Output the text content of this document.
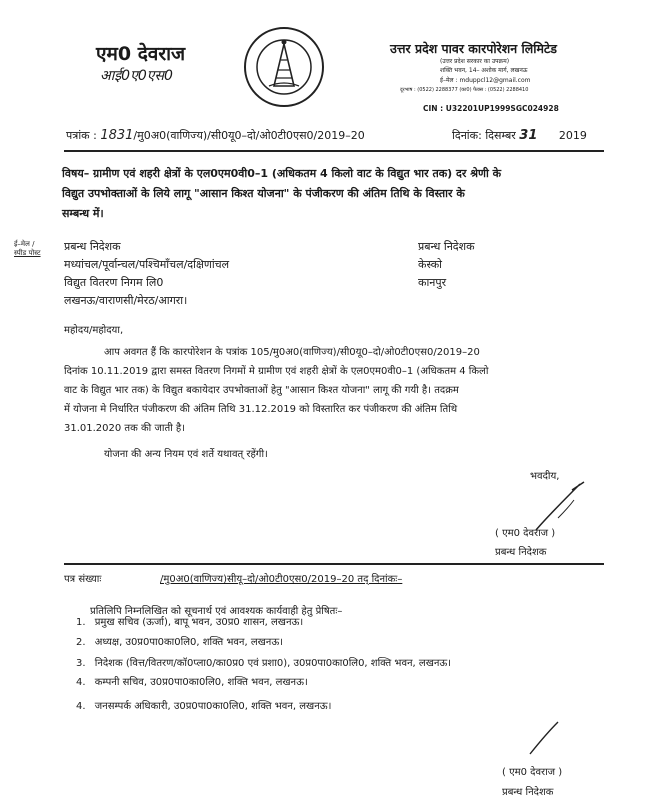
एम0 देवराज
आई0ए0एस0
उत्तर प्रदेश पावर कारपोरेशन लिमिटेड
(उत्तर प्रदेश सरकार का उपक्रम)
शक्ति भवन, 14– अशोक मार्ग, लखनऊ
ई–मेल : mduppcl12@gmail.com
दूरभाष : (0522) 2288377 (का0) फैक्स : (0522) 2288410
CIN : U32201UP1999SGC024928
पत्रांक : 1831/मु0अ0(वाणिज्य)/सी0यू0–दो/ओ0टी0एस0/2019–20	दिनांक: दिसम्बर 31 2019
विषय– ग्रामीण एवं शहरी क्षेत्रों के एल0एम0वी0–1 (अधिकतम 4 किलो वाट के विद्युत भार तक) दर श्रेणी के
विद्युत उपभोक्ताओं के लिये लागू "आसान किश्त योजना" के पंजीकरण की अंतिम तिथि के विस्तार के
सम्बन्ध में।
ई–मेल /
स्पीड पोस्ट प्रबन्ध निदेशक
मध्यांचल/पूर्वान्चल/पश्चिमाँचल/दक्षिणांचल
विद्युत वितरण निगम लि0
लखनऊ/वाराणसी/मेरठ/आगरा।
प्रबन्ध निदेशक
केस्को
कानपुर
महोदय/महोदया,
आप अवगत हैं कि कारपोरेशन के पत्रांक 105/मु0अ0(वाणिज्य)/सी0यू0–दो/ओ0टी0एस0/2019–20
दिनांक 10.11.2019 द्वारा समस्त वितरण निगमों मे ग्रामीण एवं शहरी क्षेत्रों के एल0एम0वी0–1 (अधिकतम 4 किलो
वाट के विद्युत भार तक) के विद्युत बकायेदार उपभोक्ताओं हेतु "आसान किश्त योजना" लागू की गयी है। तदक्रम
में योजना मे निर्धारित पंजीकरण की अंतिम तिथि 31.12.2019 को विस्तारित कर पंजीकरण की अंतिम तिथि
31.01.2020 तक की जाती है।
योजना की अन्य नियम एवं शर्ते यथावत् रहेंगी।
भवदीय,
( एम0 देवराज )
प्रबन्ध निदेशक
पत्र संख्याः	/मु0अ0(वाणिज्य)सीयू–दो/ओ0टी0एस0/2019–20 तद् दिनांकः–
प्रतिलिपि निम्नलिखित को सूचनार्थ एवं आवश्यक कार्यवाही हेतु प्रेषितः–
1. प्रमुख सचिव (ऊर्जा), बापू भवन, उ0प्र0 शासन, लखनऊ।
2. अध्यक्ष, उ0प्र0पा0का0लि0, शक्ति भवन, लखनऊ।
3. निदेशक (वित्त/वितरण/कॉ0प्ला0/का0प्र0 एवं प्रशा0), उ0प्र0पा0का0लि0, शक्ति भवन, लखनऊ।
4. कम्पनी सचिव, उ0प्र0पा0का0लि0, शक्ति भवन, लखनऊ।
4. जनसम्पर्क अधिकारी, उ0प्र0पा0का0लि0, शक्ति भवन, लखनऊ।
( एम0 देवराज )
प्रबन्ध निदेशक
